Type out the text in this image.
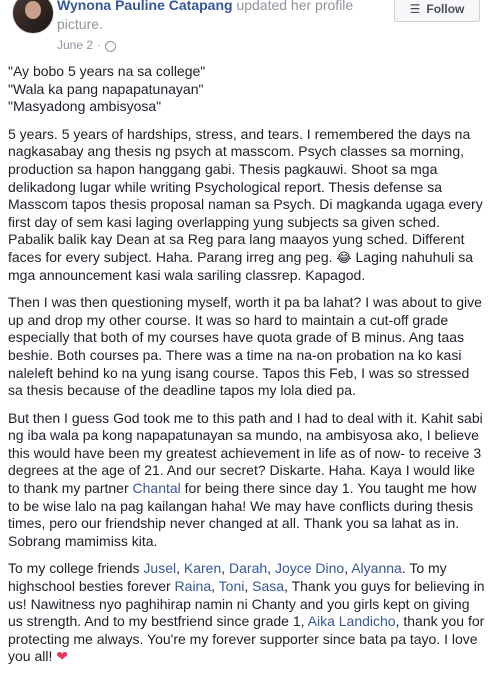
Wynona Pauline Catapang updated her profile picture.
June 2 ·
☰ Follow

"Ay bobo 5 years na sa college"
"Wala ka pang napapatunayan"
"Masyadong ambisyosa"

5 years. 5 years of hardships, stress, and tears. I remembered the days na nagkasabay ang thesis ng psych at masscom. Psych classes sa morning, production sa hapon hanggang gabi. Thesis pagkauwi. Shoot sa mga delikadong lugar while writing Psychological report. Thesis defense sa Masscom tapos thesis proposal naman sa Psych. Di magkanda ugaga every first day of sem kasi laging overlapping yung subjects sa given sched. Pabalik balik kay Dean at sa Reg para lang maayos yung sched. Different faces for every subject. Haha. Parang irreg ang peg. 😂 Laging nahuhuli sa mga announcement kasi wala sariling classrep. Kapagod.

Then I was then questioning myself, worth it pa ba lahat? I was about to give up and drop my other course. It was so hard to maintain a cut-off grade especially that both of my courses have quota grade of B minus. Ang taas beshie. Both courses pa. There was a time na na-on probation na ko kasi naleleft behind ko na yung isang course. Tapos this Feb, I was so stressed sa thesis because of the deadline tapos my lola died pa.

But then I guess God took me to this path and I had to deal with it. Kahit sabi ng iba wala pa kong napapatunayan sa mundo, na ambisyosa ako, I believe this would have been my greatest achievement in life as of now- to receive 3 degrees at the age of 21. And our secret? Diskarte. Haha. Kaya I would like to thank my partner Chantal for being there since day 1. You taught me how to be wise lalo na pag kailangan haha! We may have conflicts during thesis times, pero our friendship never changed at all. Thank you sa lahat as in. Sobrang mamimiss kita.

To my college friends Jusel, Karen, Darah, Joyce Dino, Alyanna. To my highschool besties forever Raina, Toni, Sasa, Thank you guys for believing in us! Nawitness nyo paghihirap namin ni Chanty and you girls kept on giving us strength. And to my bestfriend since grade 1, Aika Landicho, thank you for protecting me always. You're my forever supporter since bata pa tayo. I love you all! ❤
